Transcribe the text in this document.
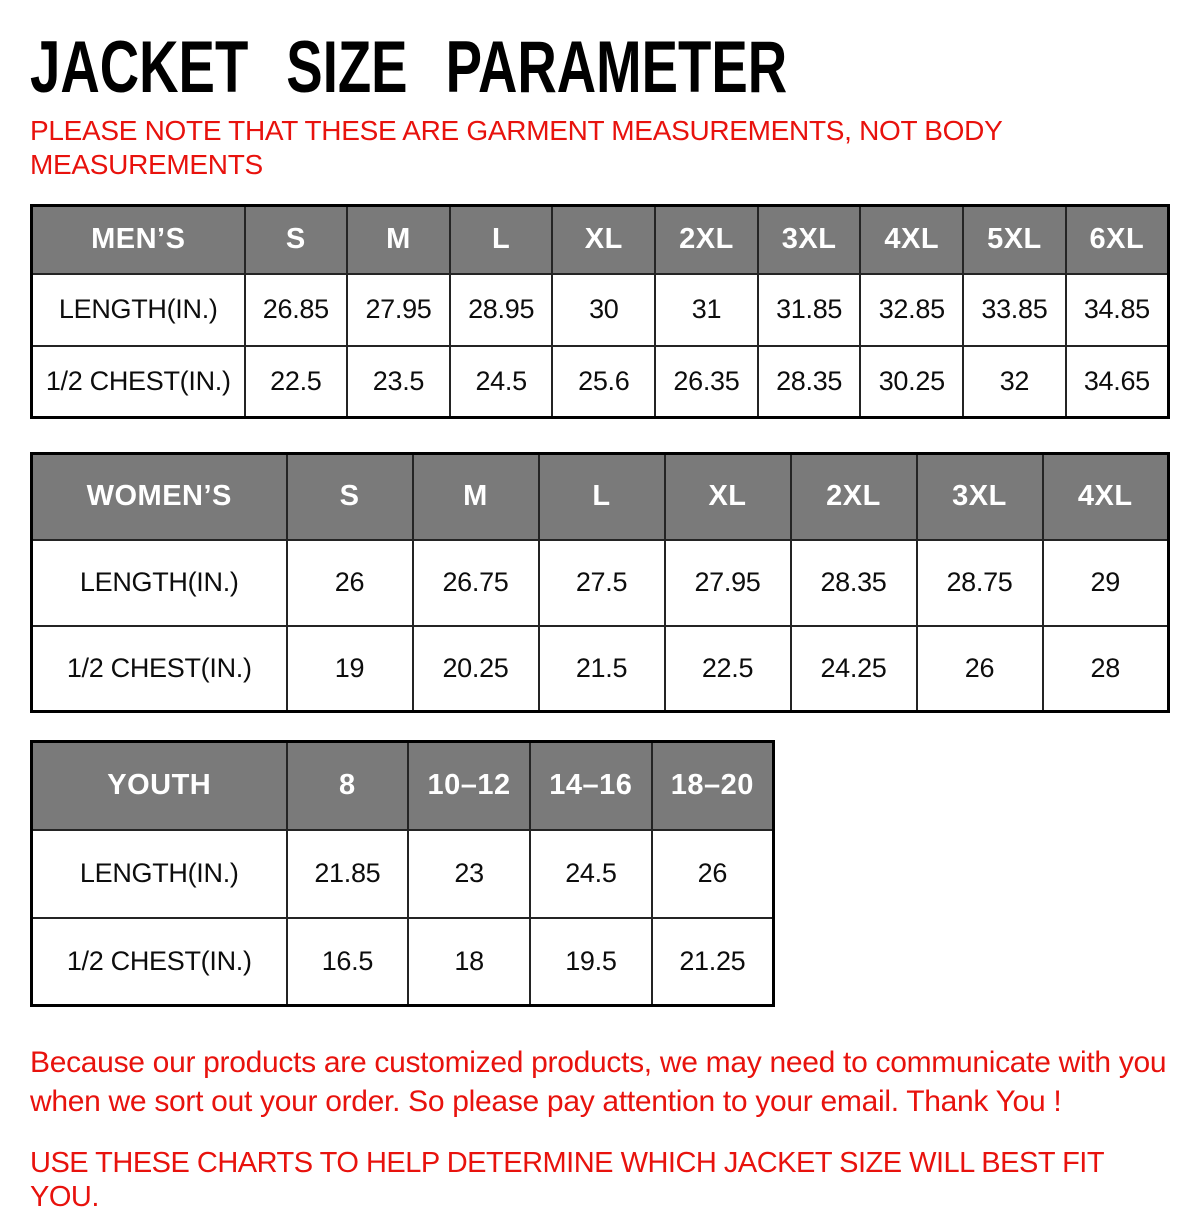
JACKET SIZE PARAMETER
PLEASE NOTE THAT THESE ARE GARMENT MEASUREMENTS, NOT BODY
MEASUREMENTS
MEN’S	S	M	L	XL	2XL	3XL	4XL	5XL	6XL
LENGTH(IN.)	26.85	27.95	28.95	30	31	31.85	32.85	33.85	34.85
1/2 CHEST(IN.)	22.5	23.5	24.5	25.6	26.35	28.35	30.25	32	34.65
WOMEN’S	S	M	L	XL	2XL	3XL	4XL
LENGTH(IN.)	26	26.75	27.5	27.95	28.35	28.75	29
1/2 CHEST(IN.)	19	20.25	21.5	22.5	24.25	26	28
YOUTH	8	10–12	14–16	18–20
LENGTH(IN.)	21.85	23	24.5	26
1/2 CHEST(IN.)	16.5	18	19.5	21.25
Because our products are customized products, we may need to communicate with you
when we sort out your order. So please pay attention to your email. Thank You !
USE THESE CHARTS TO HELP DETERMINE WHICH JACKET SIZE WILL BEST FIT YOU.
